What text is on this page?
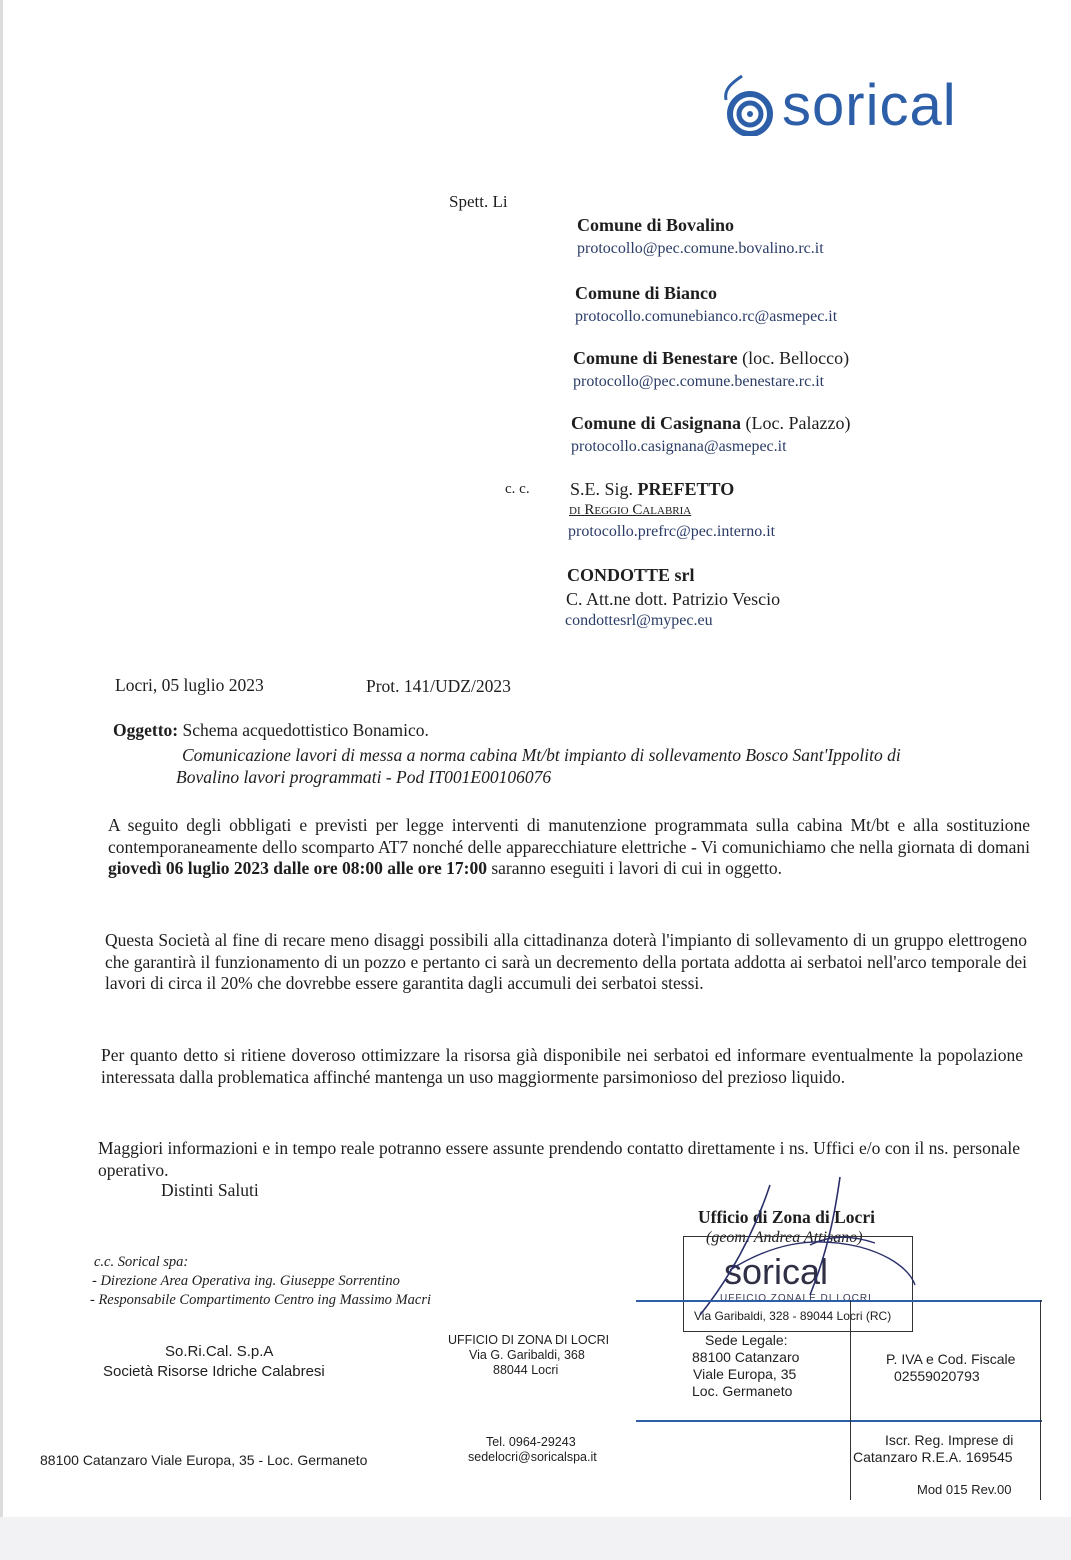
sorical
Spett. Li
Comune di Bovalino
protocollo@pec.comune.bovalino.rc.it
Comune di Bianco
protocollo.comunebianco.rc@asmepec.it
Comune di Benestare (loc. Bellocco)
protocollo@pec.comune.benestare.rc.it
Comune di Casignana (Loc. Palazzo)
protocollo.casignana@asmepec.it
c. c. S.E. Sig. PREFETTO
di Reggio Calabria
protocollo.prefrc@pec.interno.it
CONDOTTE srl
C. Att.ne dott. Patrizio Vescio
condottesrl@mypec.eu
Locri, 05 luglio 2023	Prot. 141/UDZ/2023
Oggetto: Schema acquedottistico Bonamico.
Comunicazione lavori di messa a norma cabina Mt/bt impianto di sollevamento Bosco Sant'Ippolito di
Bovalino lavori programmati - Pod IT001E00106076
A seguito degli obbligati e previsti per legge interventi di manutenzione programmata sulla cabina Mt/bt e alla sostituzione contemporaneamente dello scomparto AT7 nonché delle apparecchiature elettriche - Vi comunichiamo che nella giornata di domani giovedì 06 luglio 2023 dalle ore 08:00 alle ore 17:00 saranno eseguiti i lavori di cui in oggetto.
Questa Società al fine di recare meno disaggi possibili alla cittadinanza doterà l'impianto di sollevamento di un gruppo elettrogeno che garantirà il funzionamento di un pozzo e pertanto ci sarà un decremento della portata addotta ai serbatoi nell'arco temporale dei lavori di circa il 20% che dovrebbe essere garantita dagli accumuli dei serbatoi stessi.
Per quanto detto si ritiene doveroso ottimizzare la risorsa già disponibile nei serbatoi ed informare eventualmente la popolazione interessata dalla problematica affinché mantenga un uso maggiormente parsimonioso del prezioso liquido.
Maggiori informazioni e in tempo reale potranno essere assunte prendendo contatto direttamente i ns. Uffici e/o con il ns. personale operativo.
Distinti Saluti
Ufficio di Zona di Locri
(geom. Andrea Attisano)
sorical
UFFICIO ZONALE DI LOCRI
Via Garibaldi, 328 - 89044 Locri (RC)
c.c. Sorical spa:
- Direzione Area Operativa ing. Giuseppe Sorrentino
- Responsabile Compartimento Centro ing Massimo Macri
So.Ri.Cal. S.p.A
Società Risorse Idriche Calabresi
88100 Catanzaro Viale Europa, 35 - Loc. Germaneto
UFFICIO DI ZONA DI LOCRI
Via G. Garibaldi, 368
88044 Locri
Tel. 0964-29243
sedelocri@soricalspa.it
Sede Legale:
88100 Catanzaro
Viale Europa, 35
Loc. Germaneto
P. IVA e Cod. Fiscale
02559020793
Iscr. Reg. Imprese di
Catanzaro R.E.A. 169545
Mod 015 Rev.00
